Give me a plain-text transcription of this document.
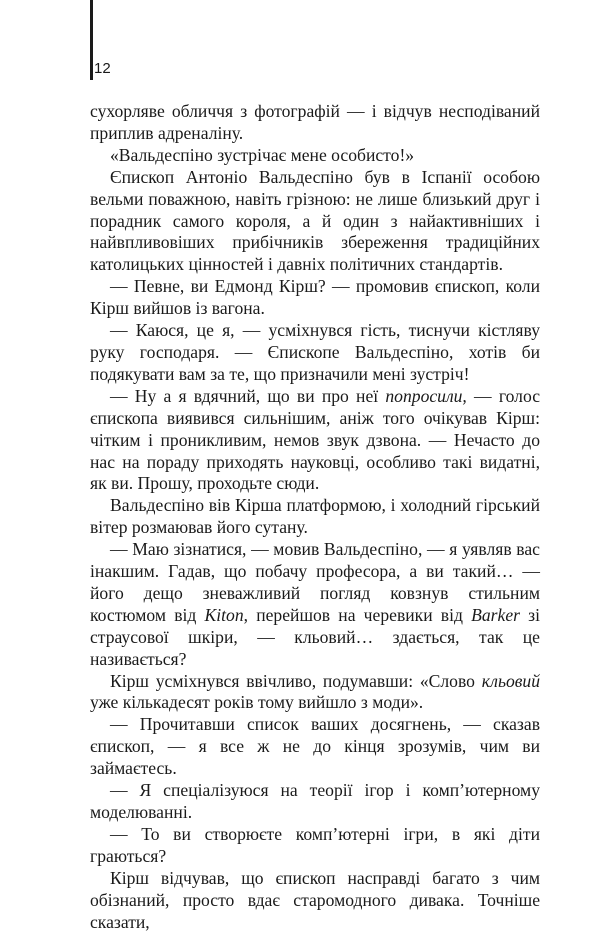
12

сухорляве обличчя з фотографій — і відчув несподіваний приплив адреналіну.

«Вальдеспіно зустрічає мене особисто!»

Єпископ Антоніо Вальдеспіно був в Іспанії особою вельми поважною, навіть грізною: не лише близький друг і порадник самого короля, а й один з найактивніших і найвпливовіших прибічників збереження традиційних католицьких цінностей і давніх політичних стандартів.

— Певне, ви Едмонд Кірш? — промовив єпископ, коли Кірш вийшов із вагона.

— Каюся, це я, — усміхнувся гість, тиснучи кістляву руку господаря. — Єпископе Вальдеспіно, хотів би подякувати вам за те, що призначили мені зустріч!

— Ну а я вдячний, що ви про неї попросили, — голос єпископа виявився сильнішим, аніж того очікував Кірш: чітким і проникливим, немов звук дзвона. — Нечасто до нас на пораду приходять науковці, особливо такі видатні, як ви. Прошу, проходьте сюди.

Вальдеспіно вів Кірша платформою, і холодний гірський вітер розмаював його сутану.

— Маю зізнатися, — мовив Вальдеспіно, — я уявляв вас інакшим. Гадав, що побачу професора, а ви такий… — його дещо зневажливий погляд ковзнув стильним костюмом від Kiton, перейшов на черевики від Barker зі страусової шкіри, — кльовий… здається, так це називається?

Кірш усміхнувся ввічливо, подумавши: «Слово кльовий уже кількадесят років тому вийшло з моди».

— Прочитавши список ваших досягнень, — сказав єпископ, — я все ж не до кінця зрозумів, чим ви займаєтесь.

— Я спеціалізуюся на теорії ігор і комп’ютерному моделюванні.

— То ви створюєте комп’ютерні ігри, в які діти граються?

Кірш відчував, що єпископ насправді багато з чим обізнаний, просто вдає старомодного дивака. Точніше сказати,
